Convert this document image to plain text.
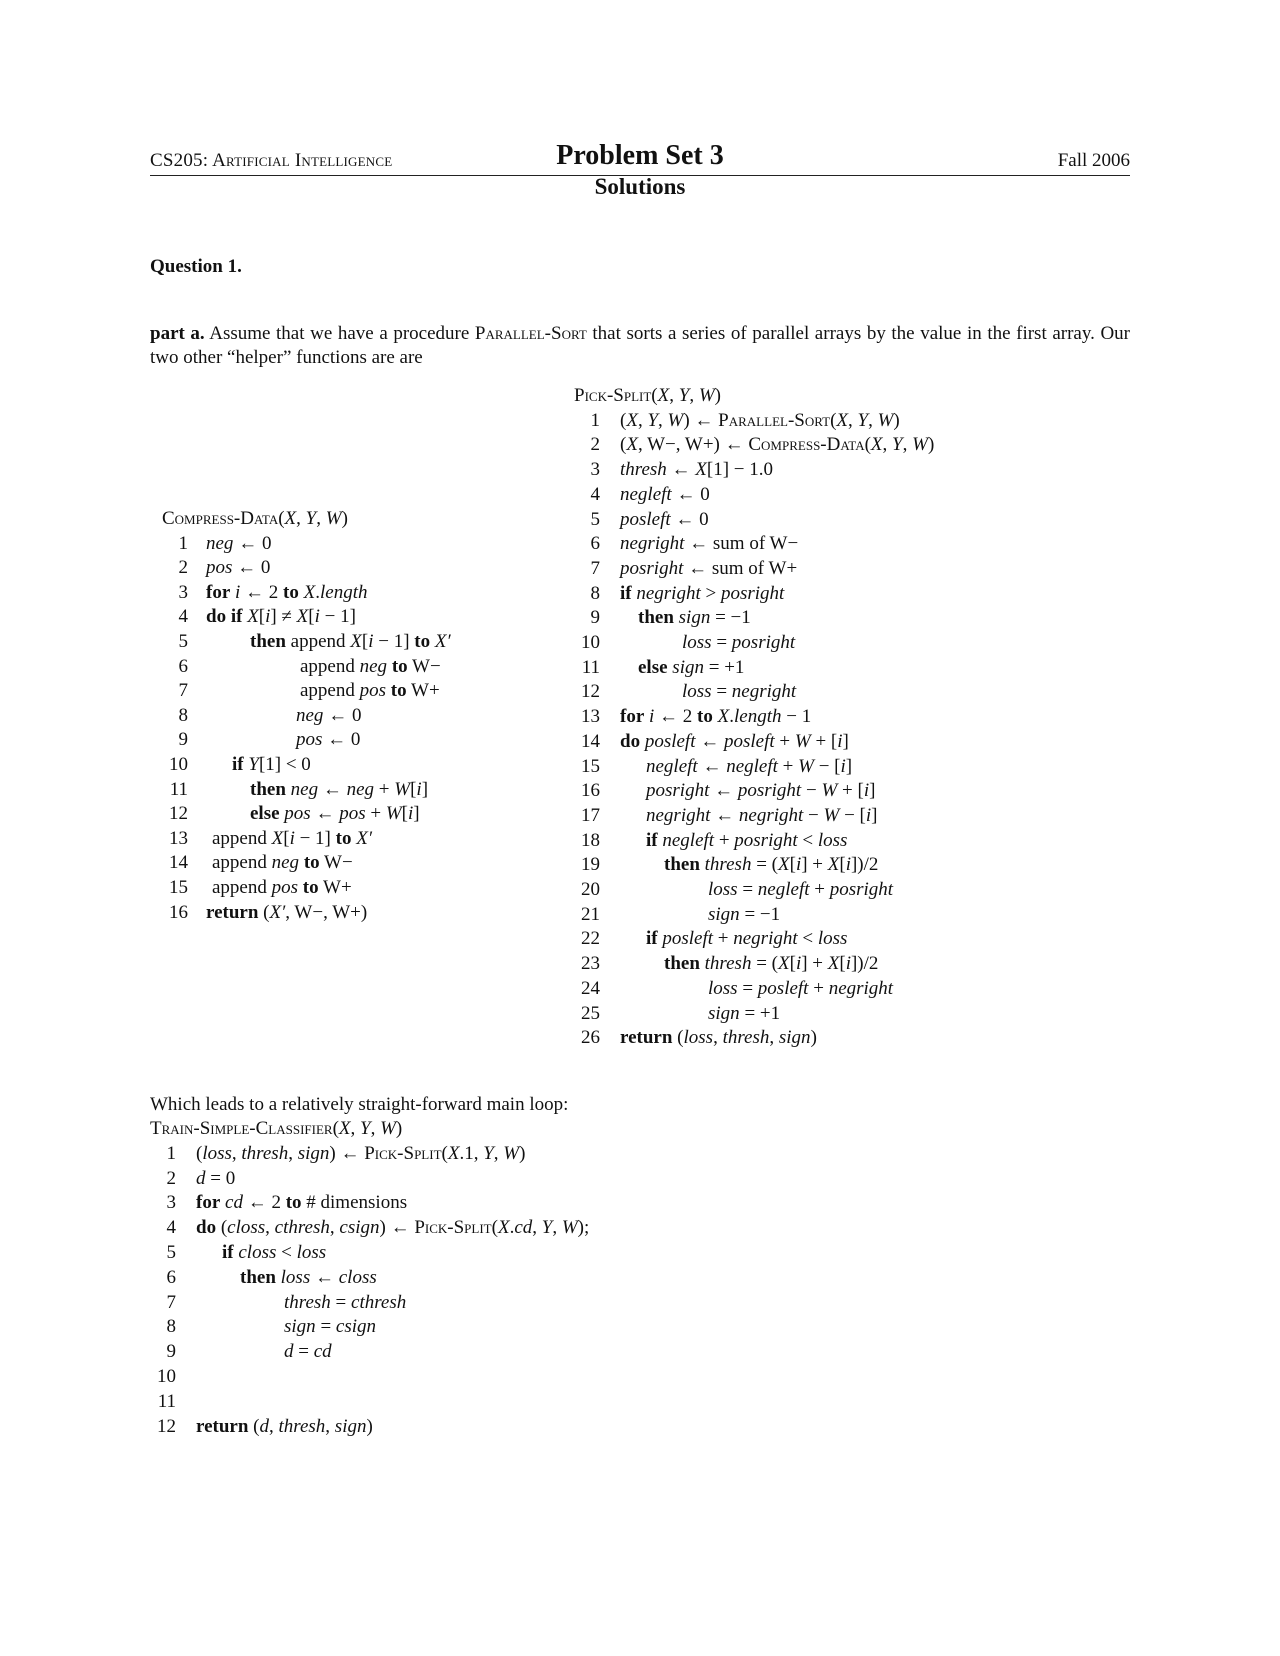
CS205: Artificial Intelligence	Problem Set 3
Solutions
Fall 2006
Question 1.
part a. Assume that we have a procedure Parallel-Sort that sorts a series of parallel arrays by the value in the first array. Our two other “helper” functions are are
Compress-Data(X, Y, W)
1 neg ← 0
2 pos ← 0
3 for i ← 2 to X.length
4 do if X[i] ≠ X[i − 1]
5	then append X[i − 1] to X′
6	append neg to W−
7	append pos to W+
8	neg ← 0
9	pos ← 0
10 if Y[1] < 0
11	then neg ← neg + W[i]
12	else pos ← pos + W[i]
13 append X[i − 1] to X′
14 append neg to W−
15 append pos to W+
16 return (X′, W−, W+)
Pick-Split(X, Y, W)
1 (X, Y, W) ← Parallel-Sort(X, Y, W)
2 (X, W−, W+) ← Compress-Data(X, Y, W)
3 thresh ← X[1] − 1.0
4 negleft ← 0
5 posleft ← 0
6 negright ← sum of W−
7 posright ← sum of W+
8 if negright > posright
9 then sign = −1
10	loss = posright
11 else sign = +1
12	loss = negright
13 for i ← 2 to X.length − 1
14 do posleft ← posleft + W + [i]
15 negleft ← negleft + W − [i]
16 posright ← posright − W + [i]
17 negright ← negright − W − [i]
18 if negleft + posright < loss
19	then thresh = (X[i] + X[i])/2
20	loss = negleft + posright
21	sign = −1
22 if posleft + negright < loss
23	then thresh = (X[i] + X[i])/2
24	loss = posleft + negright
25	sign = +1
26 return (loss, thresh, sign)
Which leads to a relatively straight-forward main loop:
Train-Simple-Classifier(X, Y, W)
1 (loss, thresh, sign) ← Pick-Split(X.1, Y, W)
2 d = 0
3 for cd ← 2 to # dimensions
4 do (closs, cthresh, csign) ← Pick-Split(X.cd, Y, W);
5 if closs < loss
6	then loss ← closs
7	thresh = cthresh
8	sign = csign
9	d = cd
10
11
12 return (d, thresh, sign)
